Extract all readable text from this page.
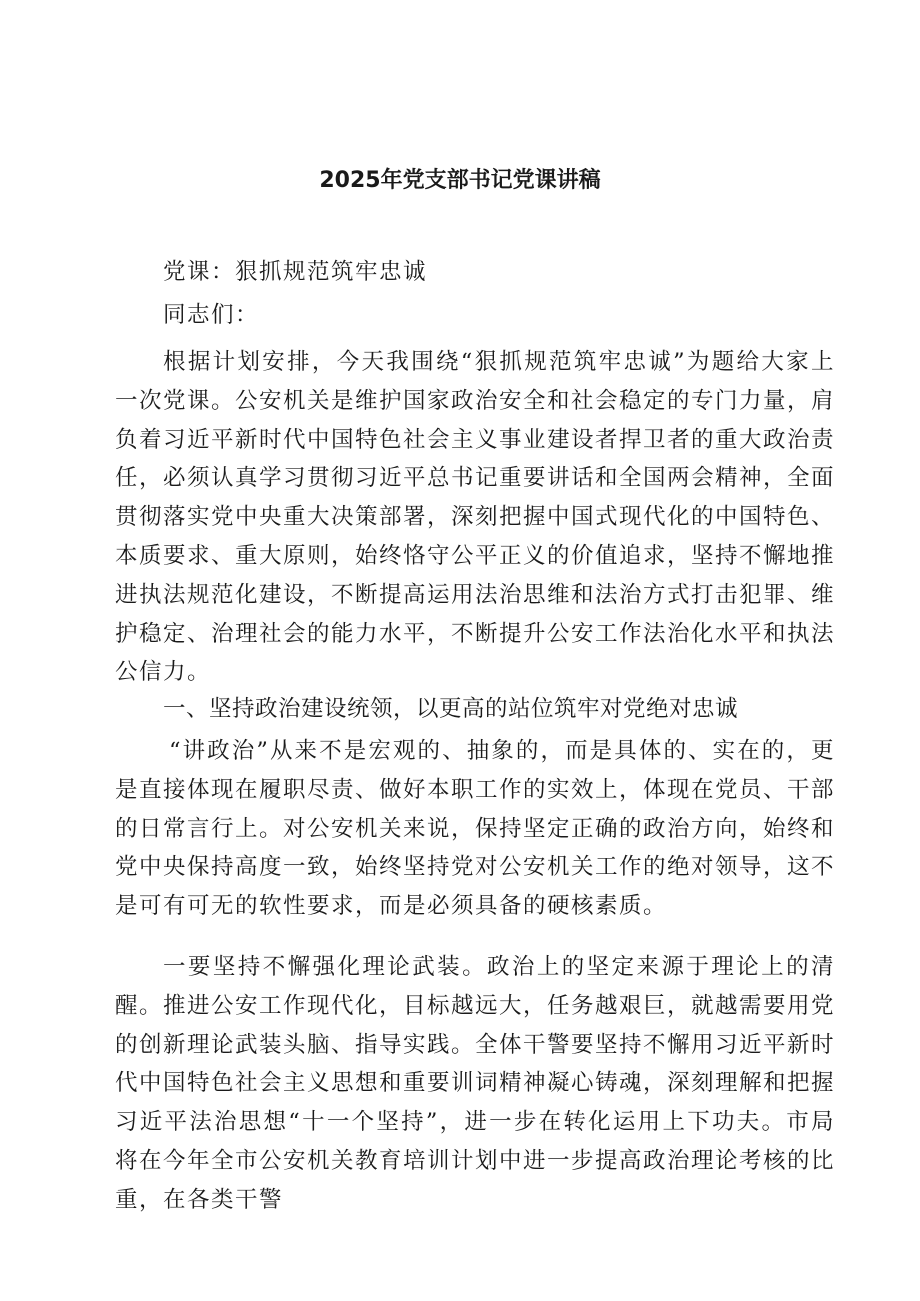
2025年党支部书记党课讲稿
党课：狠抓规范筑牢忠诚
同志们：

根据计划安排，今天我围绕“狠抓规范筑牢忠诚”为题给大家上一次党课。公安机关是维护国家政治安全和社会稳定的专门力量，肩负着习近平新时代中国特色社会主义事业建设者捍卫者的重大政治责任，必须认真学习贯彻习近平总书记重要讲话和全国两会精神，全面贯彻落实党中央重大决策部署，深刻把握中国式现代化的中国特色、本质要求、重大原则，始终恪守公平正义的价值追求，坚持不懈地推进执法规范化建设，不断提高运用法治思维和法治方式打击犯罪、维护稳定、治理社会的能力水平，不断提升公安工作法治化水平和执法公信力。

一、坚持政治建设统领，以更高的站位筑牢对党绝对忠诚

“讲政治”从来不是宏观的、抽象的，而是具体的、实在的，更是直接体现在履职尽责、做好本职工作的实效上，体现在党员、干部的日常言行上。对公安机关来说，保持坚定正确的政治方向，始终和党中央保持高度一致，始终坚持党对公安机关工作的绝对领导，这不是可有可无的软性要求，而是必须具备的硬核素质。

一要坚持不懈强化理论武装。政治上的坚定来源于理论上的清醒。推进公安工作现代化，目标越远大，任务越艰巨，就越需要用党的创新理论武装头脑、指导实践。全体干警要坚持不懈用习近平新时代中国特色社会主义思想和重要训词精神凝心铸魂，深刻理解和把握习近平法治思想“十一个坚持”，进一步在转化运用上下功夫。市局将在今年全市公安机关教育培训计划中进一步提高政治理论考核的比重，在各类干警
